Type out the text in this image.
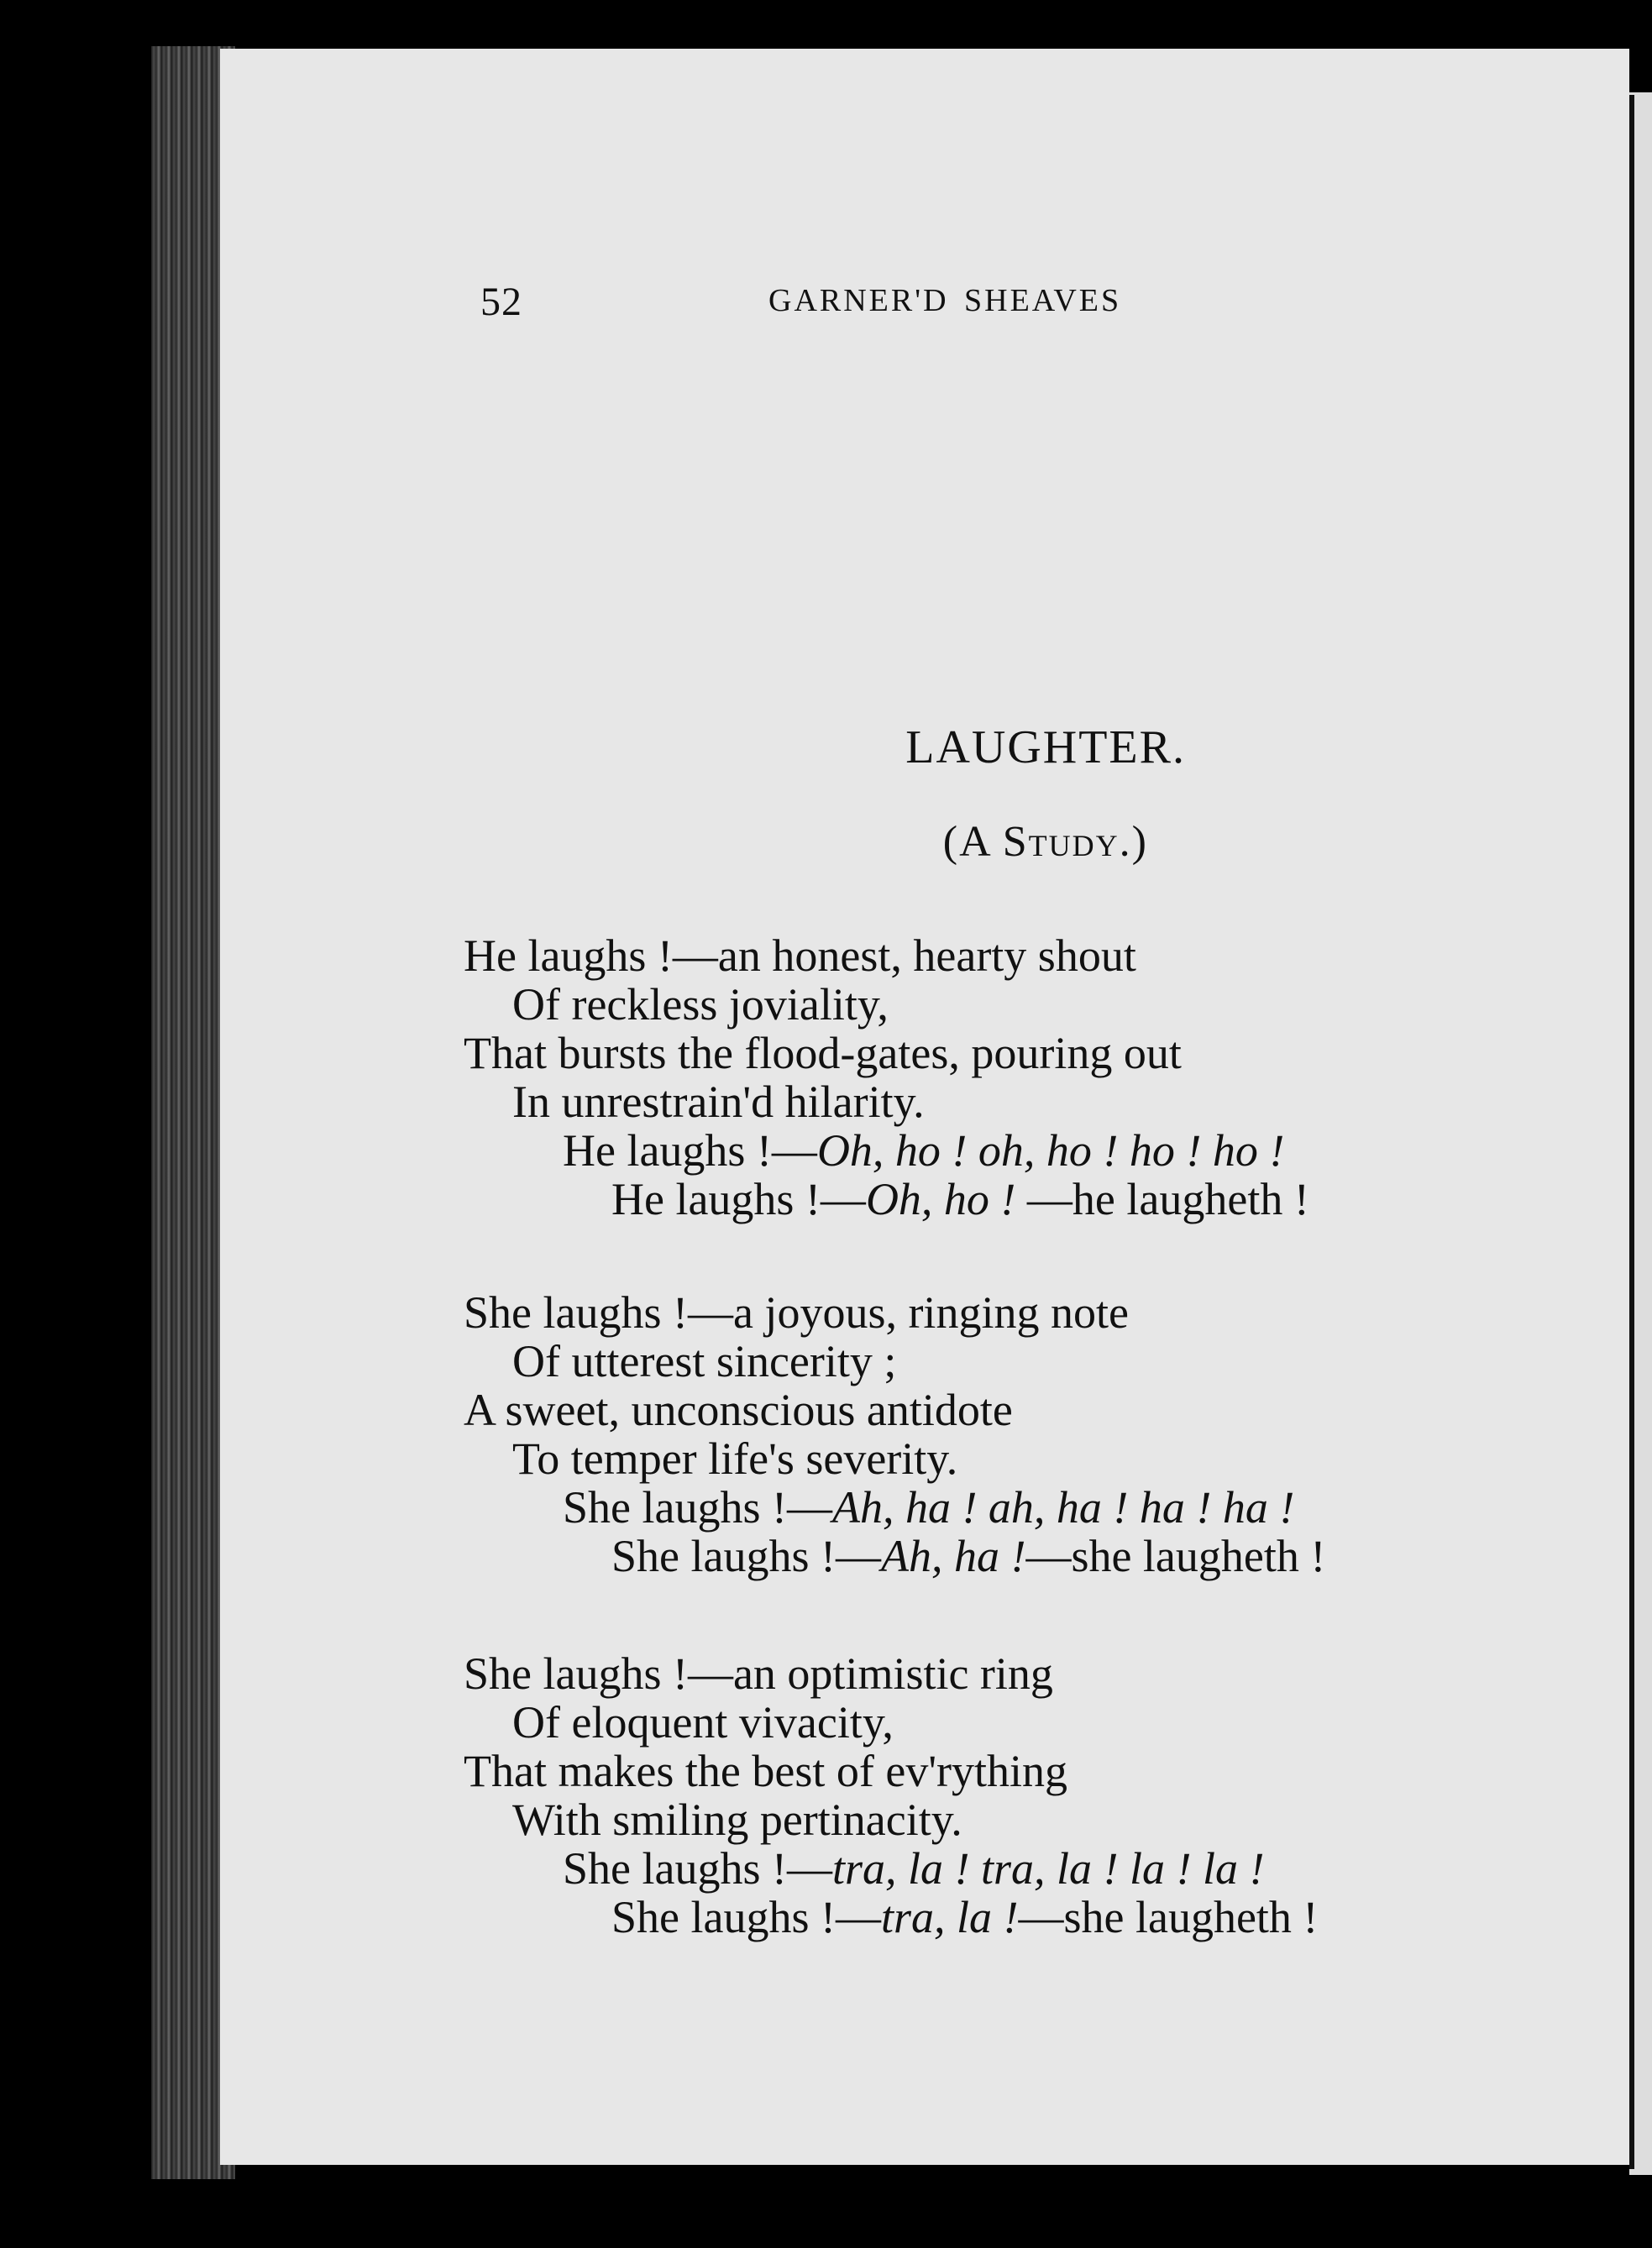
52	GARNER'D SHEAVES
LAUGHTER.
(A Study.)
He laughs !—an honest, hearty shout
Of reckless joviality,
That bursts the flood-gates, pouring out
In unrestrain'd hilarity.
He laughs !—Oh, ho ! oh, ho ! ho ! ho !
He laughs !—Oh, ho ! —he laugheth !
She laughs !—a joyous, ringing note
Of utterest sincerity ;
A sweet, unconscious antidote
To temper life's severity.
She laughs !—Ah, ha ! ah, ha ! ha ! ha !
She laughs !—Ah, ha !—she laugheth !
She laughs !—an optimistic ring
Of eloquent vivacity,
That makes the best of ev'rything
With smiling pertinacity.
She laughs !—tra, la ! tra, la ! la ! la !
She laughs !—tra, la !—she laugheth !
